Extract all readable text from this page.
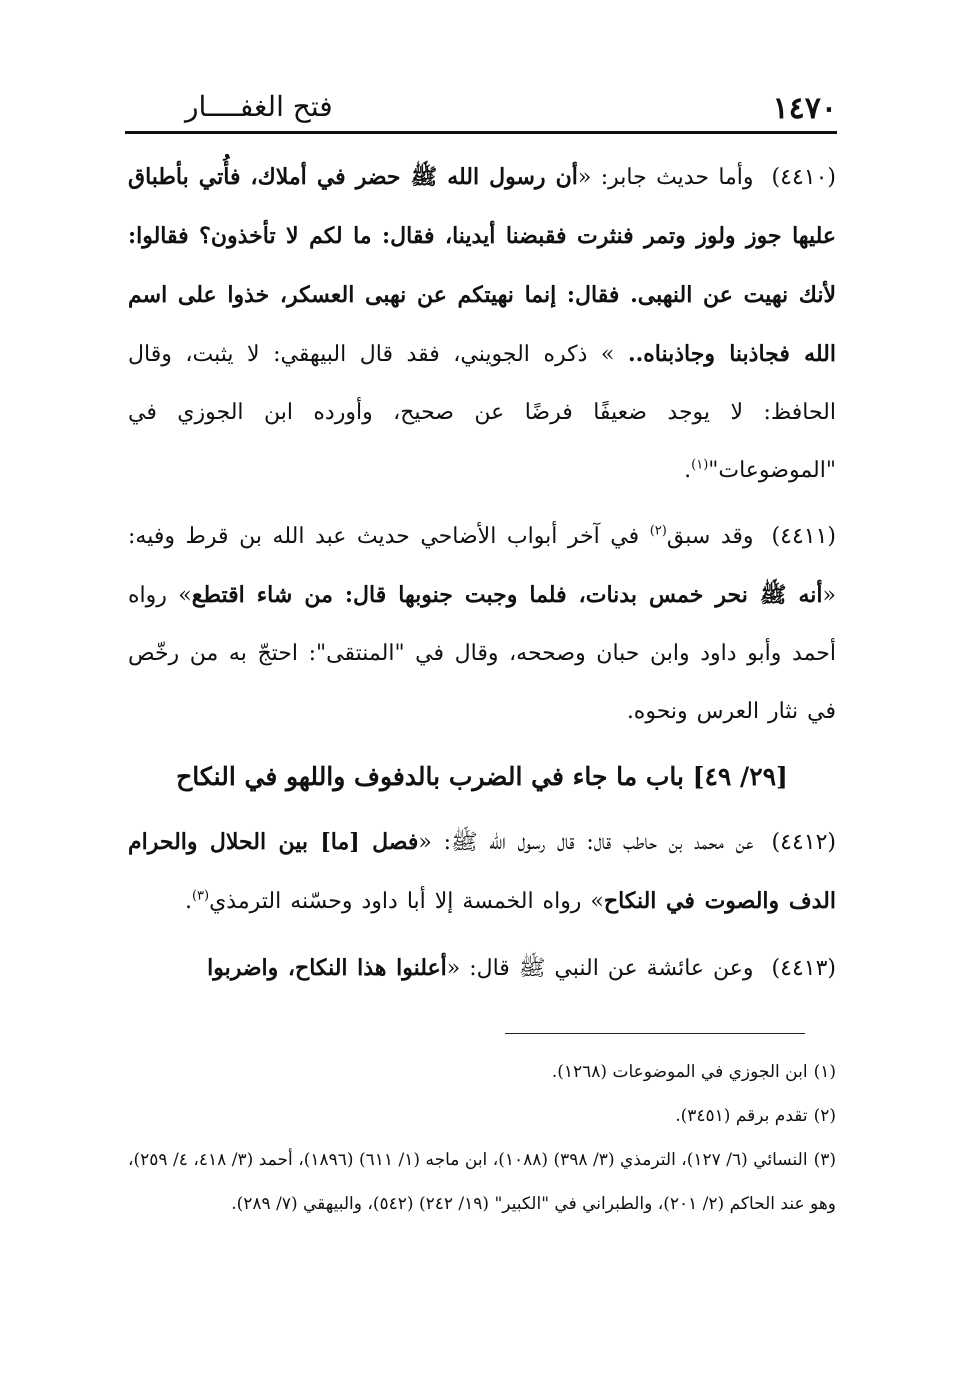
١٤٧٠
فتح الغفــــار

(٤٤١٠)وأما حديث جابر: «أن رسول الله ﷺ حضر في أملاك، فأُتي بأطباق عليها جوز ولوز وتمر فنثرت فقبضنا أيدينا، فقال: ما لكم لا تأخذون؟ فقالوا: لأنك نهيت عن النهبى. فقال: إنما نهيتكم عن نهبى العسكر، خذوا على اسم الله فجاذبنا وجاذبناه.. » ذكره الجويني، فقد قال البيهقي: لا يثبت، وقال الحافظ: لا يوجد ضعيفًا فرضًا عن صحيح، وأورده ابن الجوزي في "الموضوعات"$^{(١)}$.

(٤٤١١)وقد سبق$^{(٢)}$ في آخر أبواب الأضاحي حديث عبد الله بن قرط وفيه: «أنه ﷺ نحر خمس بدنات، فلما وجبت جنوبها قال: من شاء اقتطع» رواه أحمد وأبو داود وابن حبان وصححه، وقال في "المنتقى": احتجّ به من رخّص في نثار العرس ونحوه.

[٢٩/ ٤٩] باب ما جاء في الضرب بالدفوف واللهو في النكاح

(٤٤١٢)عن محمد بن حاطب قال: قال رسول الله ﷺ: «فصل [ما] بين الحلال والحرام الدف والصوت في النكاح» رواه الخمسة إلا أبا داود وحسّنه الترمذي$^{(٣)}$.

(٤٤١٣)وعن عائشة عن النبي ﷺ قال: «أعلنوا هذا النكاح، واضربوا

(١)ابن الجوزي في الموضوعات (١٢٦٨).

(٢)تقدم برقم (٣٤٥١).

(٣)النسائي (٦/ ١٢٧)، الترمذي (٣/ ٣٩٨) (١٠٨٨)، ابن ماجه (١/ ٦١١) (١٨٩٦)، أحمد (٣/ ٤١٨، ٤/ ٢٥٩)، وهو عند الحاكم (٢/ ٢٠١)، والطبراني في "الكبير" (١٩/ ٢٤٢) (٥٤٢)، والبيهقي (٧/ ٢٨٩).
